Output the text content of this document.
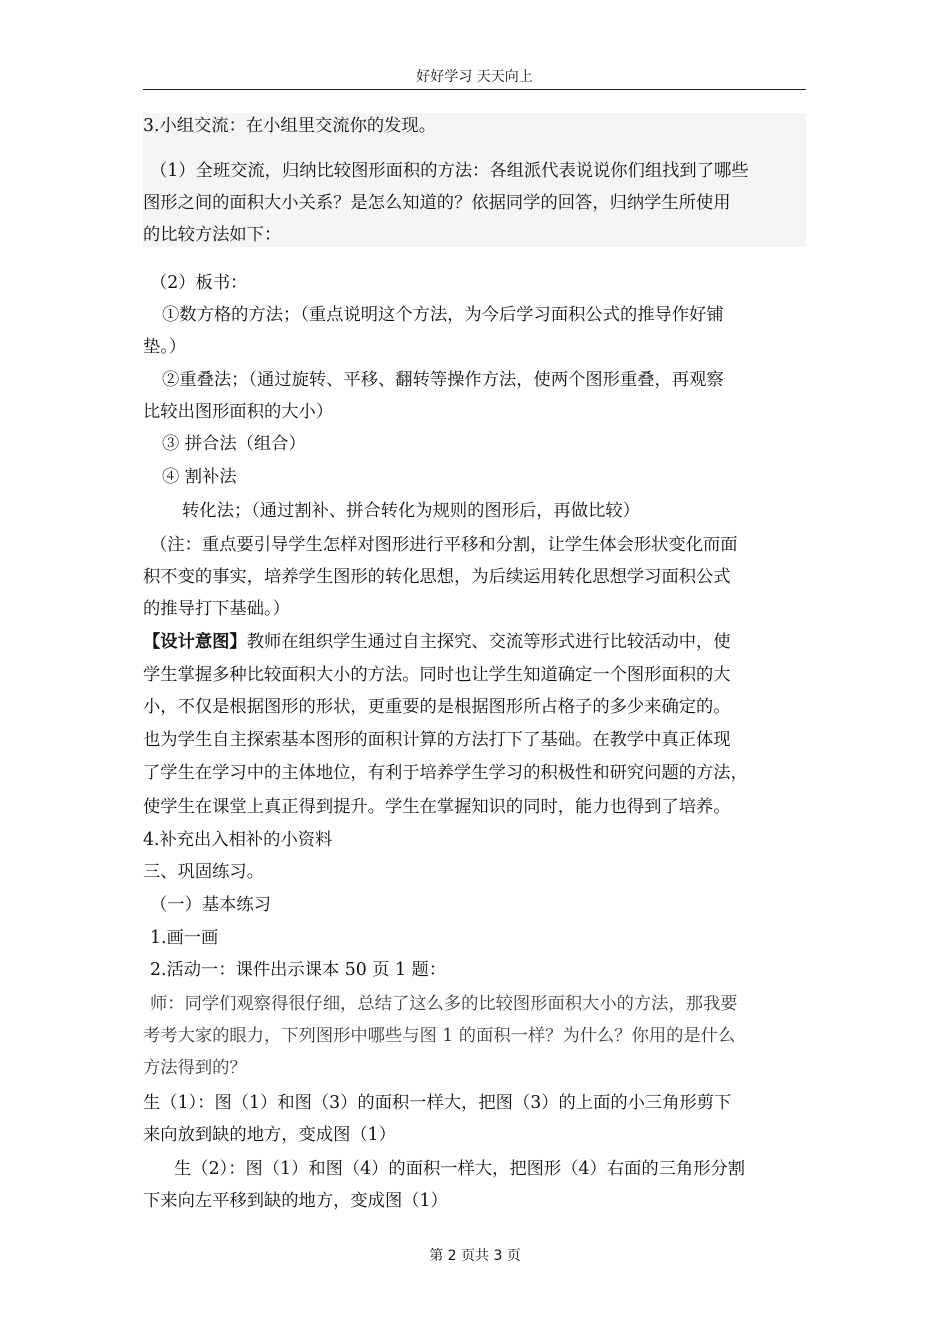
好好学习 天天向上
3.小组交流：在小组里交流你的发现。
（1）全班交流，归纳比较图形面积的方法：各组派代表说说你们组找到了哪些
图形之间的面积大小关系？是怎么知道的？依据同学的回答，归纳学生所使用
的比较方法如下：
（2）板书：
①数方格的方法；（重点说明这个方法，为今后学习面积公式的推导作好铺
垫。）
②重叠法；（通过旋转、平移、翻转等操作方法，使两个图形重叠，再观察
比较出图形面积的大小）
③ 拼合法（组合）
④ 割补法
转化法；（通过割补、拼合转化为规则的图形后，再做比较）
（注：重点要引导学生怎样对图形进行平移和分割，让学生体会形状变化而面
积不变的事实，培养学生图形的转化思想，为后续运用转化思想学习面积公式
的推导打下基础。）
【设计意图】教师在组织学生通过自主探究、交流等形式进行比较活动中，使
学生掌握多种比较面积大小的方法。同时也让学生知道确定一个图形面积的大
小，不仅是根据图形的形状，更重要的是根据图形所占格子的多少来确定的。
也为学生自主探索基本图形的面积计算的方法打下了基础。在教学中真正体现
了学生在学习中的主体地位，有利于培养学生学习的积极性和研究问题的方法，
使学生在课堂上真正得到提升。学生在掌握知识的同时，能力也得到了培养。
4.补充出入相补的小资料
三、巩固练习。
（一）基本练习
1.画一画
2.活动一：课件出示课本 50 页 1 题：
师：同学们观察得很仔细，总结了这么多的比较图形面积大小的方法，那我要
考考大家的眼力，下列图形中哪些与图 1 的面积一样？为什么？你用的是什么
方法得到的？
生（1）：图（1）和图（3）的面积一样大，把图（3）的上面的小三角形剪下
来向放到缺的地方，变成图（1）
生（2）：图（1）和图（4）的面积一样大，把图形（4）右面的三角形分割
下来向左平移到缺的地方，变成图（1）
第 2 页共 3 页
